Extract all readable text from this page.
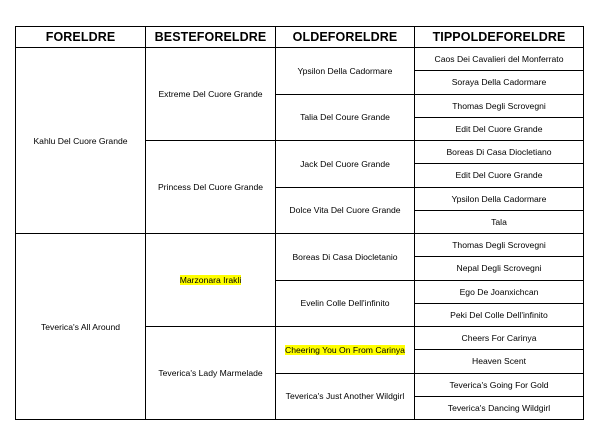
FORELDRE	BESTEFORELDRE	OLDEFORELDRE	TIPPOLDEFORELDRE
Kahlu Del Cuore Grande	Extreme Del Cuore Grande	Ypsilon Della Cadormare	Caos Dei Cavalieri del Monferrato
			Soraya Della Cadormare
		Talia Del Coure Grande	Thomas Degli Scrovegni
			Edit Del Cuore Grande
	Princess Del Cuore Grande	Jack Del Cuore Grande	Boreas Di Casa Diocletiano
			Edit Del Cuore Grande
		Dolce Vita Del Cuore Grande	Ypsilon Della Cadormare
			Tala
Teverica's All Around	Marzonara Irakli	Boreas Di Casa Diocletanio	Thomas Degli Scrovegni
			Nepal Degli Scrovegni
		Evelin Colle Dell'infinito	Ego De Joanxichcan
			Peki Del Colle Dell'infinito
	Teverica's Lady Marmelade	Cheering You On From Carinya	Cheers For Carinya
			Heaven Scent
		Teverica's Just Another Wildgirl	Teverica's Going For Gold
			Teverica's Dancing Wildgirl
